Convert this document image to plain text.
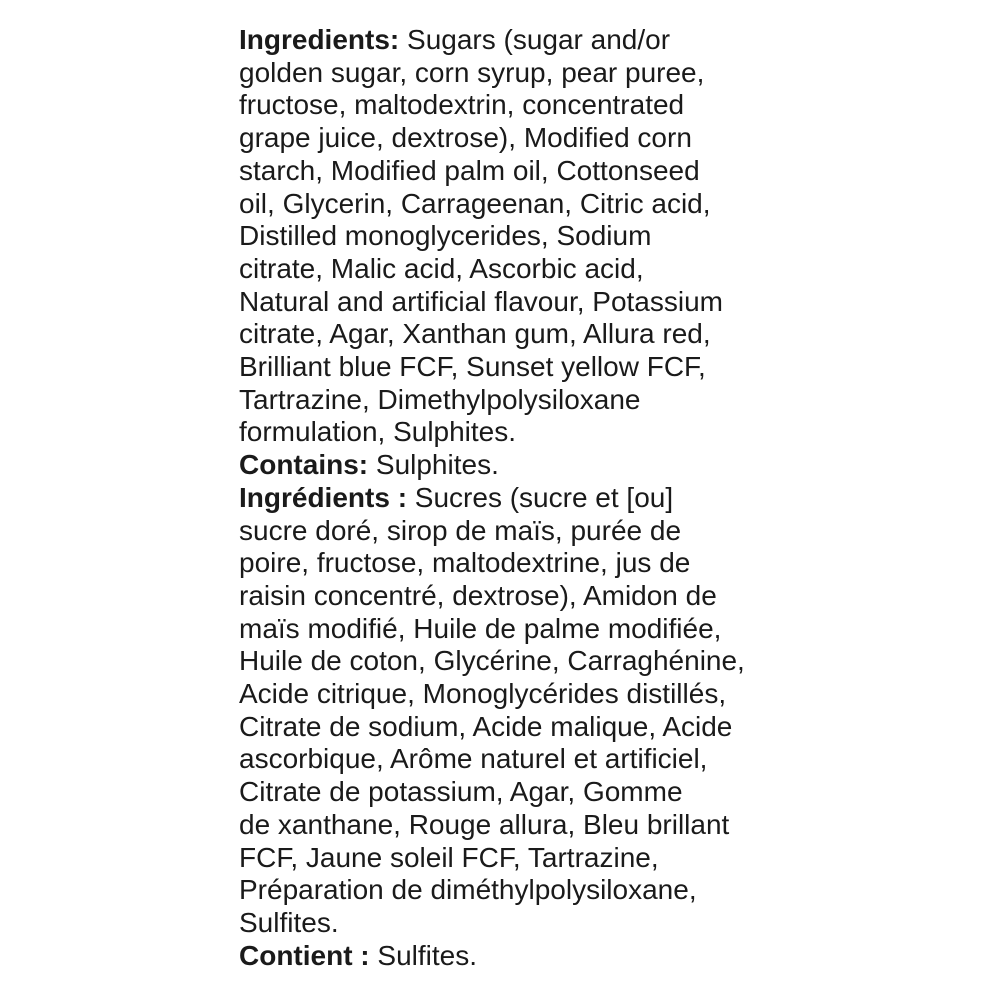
Ingredients: Sugars (sugar and/or
golden sugar, corn syrup, pear puree,
fructose, maltodextrin, concentrated
grape juice, dextrose), Modified corn
starch, Modified palm oil, Cottonseed
oil, Glycerin, Carrageenan, Citric acid,
Distilled monoglycerides, Sodium
citrate, Malic acid, Ascorbic acid,
Natural and artificial flavour, Potassium
citrate, Agar, Xanthan gum, Allura red,
Brilliant blue FCF, Sunset yellow FCF,
Tartrazine, Dimethylpolysiloxane
formulation, Sulphites.
Contains: Sulphites.
Ingrédients : Sucres (sucre et [ou]
sucre doré, sirop de maïs, purée de
poire, fructose, maltodextrine, jus de
raisin concentré, dextrose), Amidon de
maïs modifié, Huile de palme modifiée,
Huile de coton, Glycérine, Carraghénine,
Acide citrique, Monoglycérides distillés,
Citrate de sodium, Acide malique, Acide
ascorbique, Arôme naturel et artificiel,
Citrate de potassium, Agar, Gomme
de xanthane, Rouge allura, Bleu brillant
FCF, Jaune soleil FCF, Tartrazine,
Préparation de diméthylpolysiloxane,
Sulfites.
Contient : Sulfites.
